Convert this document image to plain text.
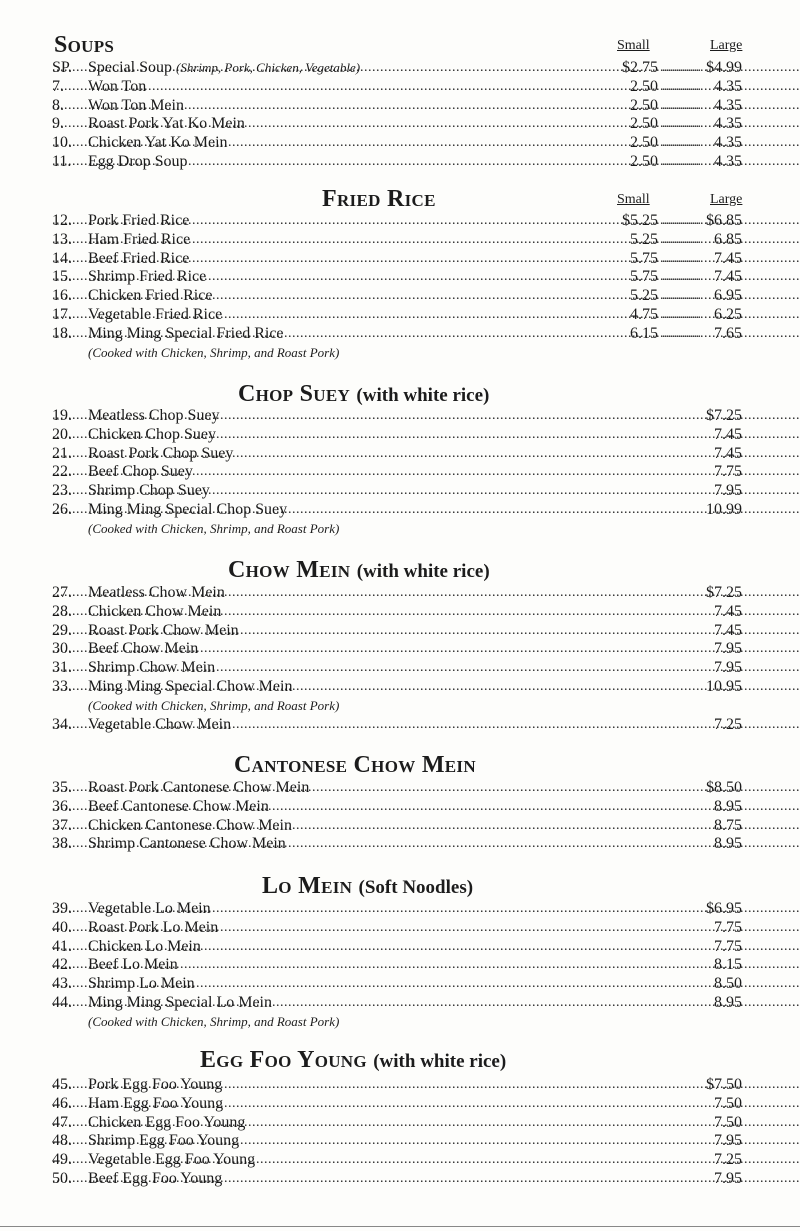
Soups	Small	Large
SP. Special Soup (Shrimp, Pork, Chicken, Vegetable) .....	$2.75 .....	$4.99
7. Won Ton .....	2.50 .....	4.35
8. Won Ton Mein .....	2.50 .....	4.35
9. Roast Pork Yat Ko Mein .....	2.50 .....	4.35
10. Chicken Yat Ko Mein .....	2.50 .....	4.35
11. Egg Drop Soup .....	2.50 .....	4.35
Fried Rice	Small	Large
12. Pork Fried Rice .....	$5.25 .....	$6.85
13. Ham Fried Rice .....	5.25 .....	6.85
14. Beef Fried Rice .....	5.75 .....	7.45
15. Shrimp Fried Rice .....	5.75 .....	7.45
16. Chicken Fried Rice .....	5.25 .....	6.95
17. Vegetable Fried Rice .....	4.75 .....	6.25
18. Ming Ming Special Fried Rice .....	6.15 .....	7.65
(Cooked with Chicken, Shrimp, and Roast Pork)
Chop Suey (with white rice)
19. Meatless Chop Suey .....	$7.25
20. Chicken Chop Suey .....	7.45
21. Roast Pork Chop Suey .....	7.45
22. Beef Chop Suey .....	7.75
23. Shrimp Chop Suey .....	7.95
26. Ming Ming Special Chop Suey .....	10.99
(Cooked with Chicken, Shrimp, and Roast Pork)
Chow Mein (with white rice)
27. Meatless Chow Mein .....	$7.25
28. Chicken Chow Mein .....	7.45
29. Roast Pork Chow Mein .....	7.45
30. Beef Chow Mein .....	7.95
31. Shrimp Chow Mein .....	7.95
33. Ming Ming Special Chow Mein .....	10.95
(Cooked with Chicken, Shrimp, and Roast Pork)
34. Vegetable Chow Mein .....	7.25
Cantonese Chow Mein
35. Roast Pork Cantonese Chow Mein .....	$8.50
36. Beef Cantonese Chow Mein .....	8.95
37. Chicken Cantonese Chow Mein .....	8.75
38. Shrimp Cantonese Chow Mein .....	8.95
Lo Mein (Soft Noodles)
39. Vegetable Lo Mein .....	$6.95
40. Roast Pork Lo Mein .....	7.75
41. Chicken Lo Mein .....	7.75
42. Beef Lo Mein .....	8.15
43. Shrimp Lo Mein .....	8.50
44. Ming Ming Special Lo Mein .....	8.95
(Cooked with Chicken, Shrimp, and Roast Pork)
Egg Foo Young (with white rice)
45. Pork Egg Foo Young .....	$7.50
46. Ham Egg Foo Young .....	7.50
47. Chicken Egg Foo Young .....	7.50
48. Shrimp Egg Foo Young .....	7.95
49. Vegetable Egg Foo Young .....	7.25
50. Beef Egg Foo Young .....	7.95
